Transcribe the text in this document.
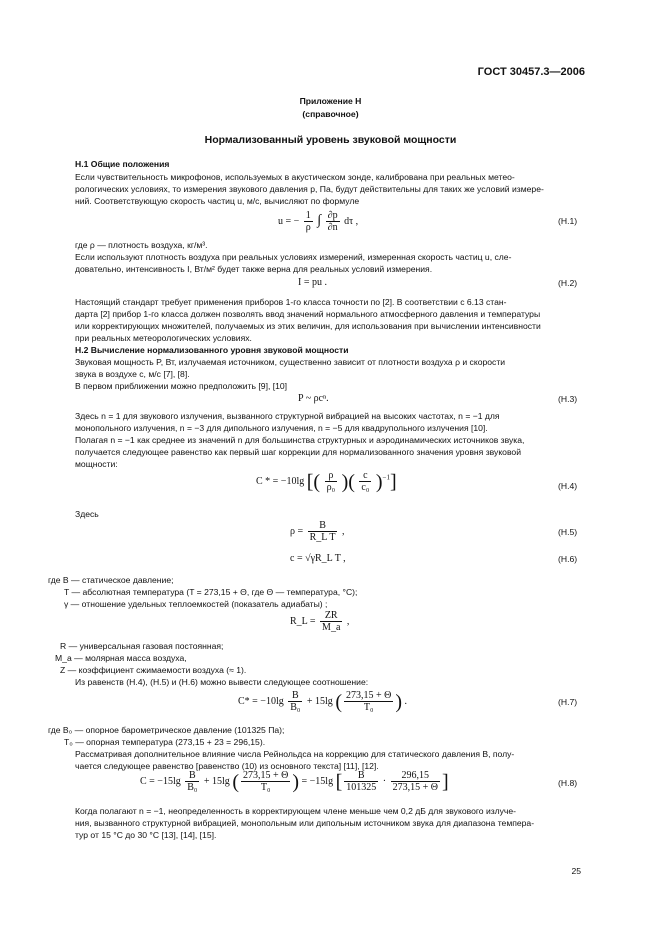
ГОСТ 30457.3—2006
Приложение Н
(справочное)
Нормализованный уровень звуковой мощности
Н.1 Общие положения
Если чувствительность микрофонов, используемых в акустическом зонде, калибрована при реальных метео-
рологических условиях, то измерения звукового давления p, Па, будут действительны для таких же условий измере-
ний. Соответствующую скорость частиц u, м/с, вычисляют по формуле
u = − $\frac{1}{\rho}$ ∫ $\frac{\partial p}{\partial n}$ dτ ,	(Н.1)
где ρ — плотность воздуха, кг/м³.
Если используют плотность воздуха при реальных условиях измерений, измеренная скорость частиц u, сле-
довательно, интенсивность I, Вт/м² будет также верна для реальных условий измерения.
I = pu .	(Н.2)
Настоящий стандарт требует применения приборов 1-го класса точности по [2]. В соответствии с 6.13 стан-
дарта [2] прибор 1-го класса должен позволять ввод значений нормального атмосферного давления и температуры
или корректирующих множителей, получаемых из этих величин, для использования при вычислении интенсивности
при реальных метеорологических условиях.
Н.2 Вычисление нормализованного уровня звуковой мощности
Звуковая мощность P, Вт, излучаемая источником, существенно зависит от плотности воздуха ρ и скорости
звука в воздухе c, м/с [7], [8].
В первом приближении можно предположить [9], [10]
P ~ ρcⁿ.	(Н.3)
Здесь n = 1 для звукового излучения, вызванного структурной вибрацией на высоких частотах, n = −1 для
монопольного излучения, n = −3 для дипольного излучения, n = −5 для квадрупольного излучения [10].
Полагая n = −1 как среднее из значений n для большинства структурных и аэродинамических источников звука,
получается следующее равенство как первый шаг коррекции для нормализованного значения уровня звуковой
мощности:
C * = −10lg [( $\frac{\rho}{\text{ρ₀}}$ )( $\frac{c}{\text{c₀}} )^{-1}$]	(Н.4)
Здесь
$\rho = \frac{B}{\text{R\_L T}}$ ,	(Н.5)
c = √γR_L T ,	(Н.6)
где B — статическое давление;
T — абсолютная температура (T = 273,15 + Θ, где Θ — температура, °С);
γ — отношение удельных теплоемкостей (показатель адиабаты) ;
R_L = $\frac{ZR}{M\_a}$ ,
R — универсальная газовая постоянная;
M_a — молярная масса воздуха,
Z — коэффициент сжимаемости воздуха (≈ 1).
Из равенств (Н.4), (Н.5) и (Н.6) можно вывести следующее соотношение:
$C* = -10\lg \frac{B}{\text{B₀}} + 15\lg$ ( $\frac{273,15 + \Theta}{\text{T₀}}$ ) .	(Н.7)
где B₀ — опорное барометрическое давление (101325 Па);
T₀ — опорная температура (273,15 + 23 = 296,15).
Рассматривая дополнительное влияние числа Рейнольдса на коррекцию для статического давления B, полу-
чается следующее равенство [равенство (10) из основного текста] [11], [12].
$C = -15\lg \frac{B}{\text{B₀}} + 15\lg$ ( $\frac{273,15 + \Theta}{\text{T₀}}$ ) = −15lg [ $\frac{B}{101325} \cdot \frac{296,15}{273,15 + \Theta}$ ]	(Н.8)
Когда полагают n = −1, неопределенность в корректирующем члене меньше чем 0,2 дБ для звукового излуче-
ния, вызванного структурной вибрацией, монопольным или дипольным источником звука для диапазона темпера-
тур от 15 °С до 30 °С [13], [14], [15].
25
